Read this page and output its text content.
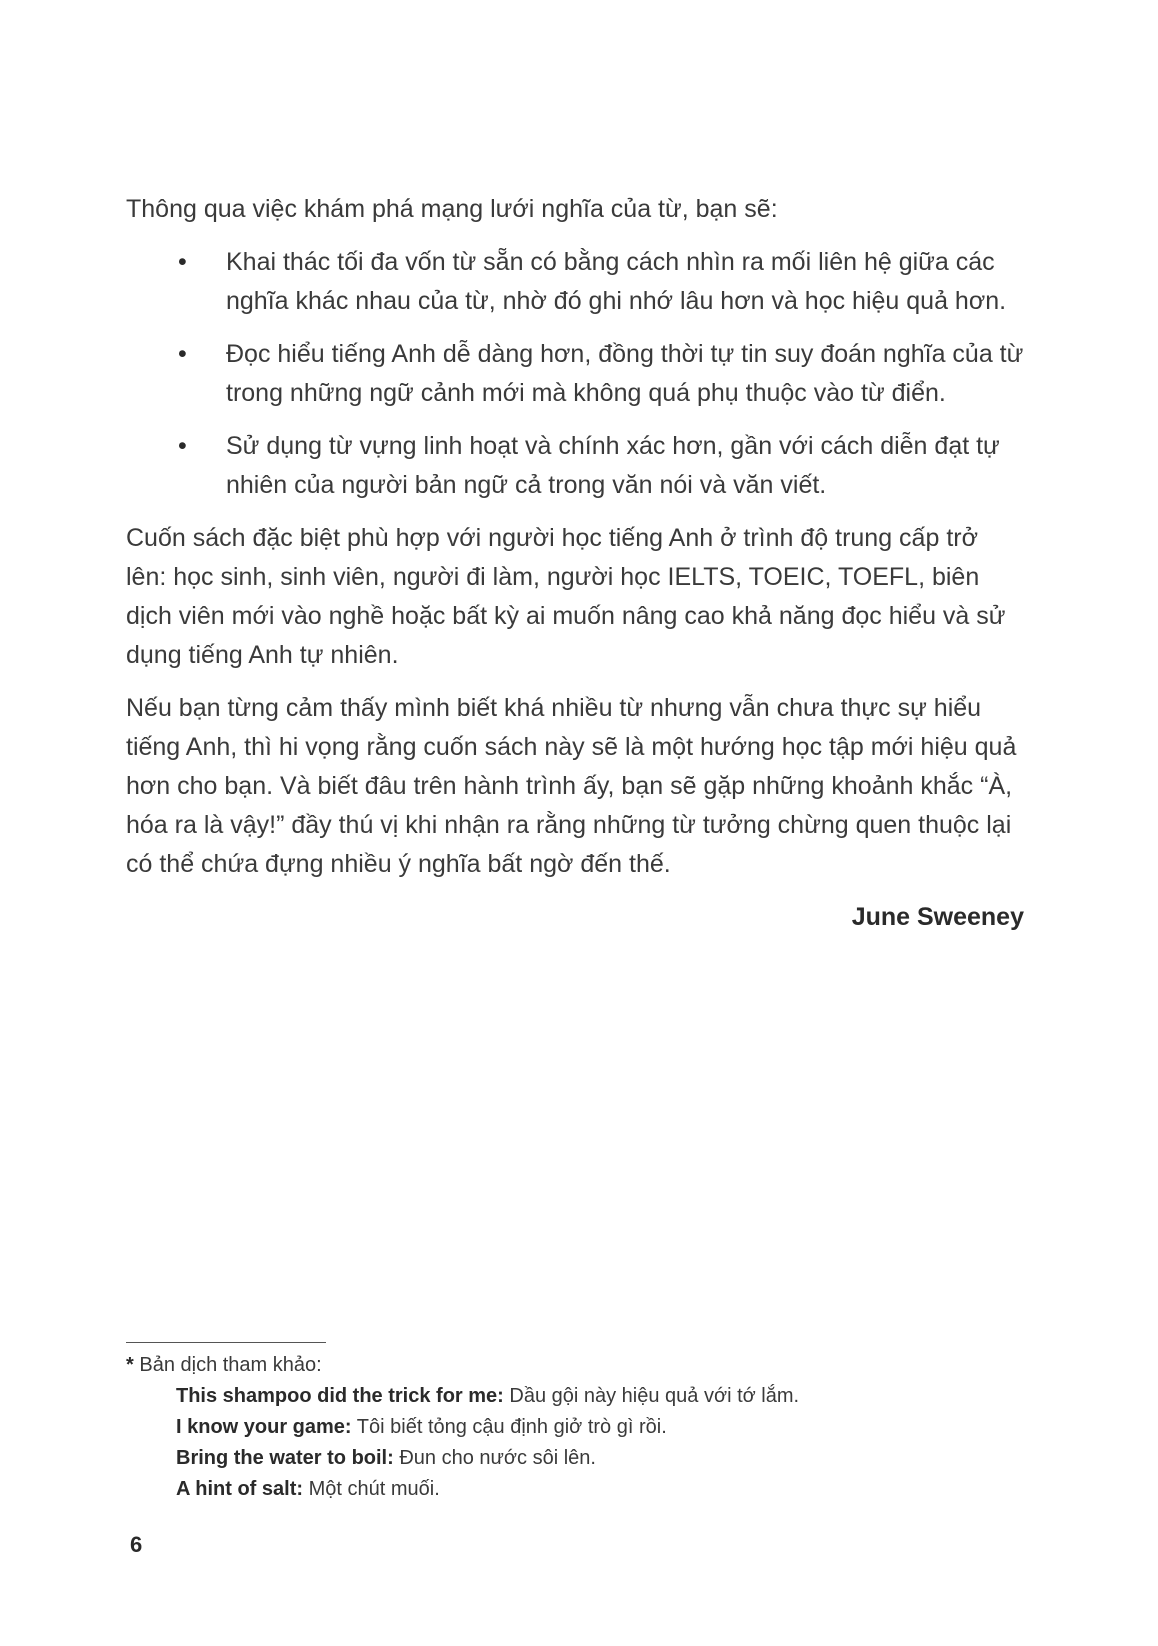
Thông qua việc khám phá mạng lưới nghĩa của từ, bạn sẽ:

• Khai thác tối đa vốn từ sẵn có bằng cách nhìn ra mối liên hệ giữa các nghĩa khác nhau của từ, nhờ đó ghi nhớ lâu hơn và học hiệu quả hơn.
• Đọc hiểu tiếng Anh dễ dàng hơn, đồng thời tự tin suy đoán nghĩa của từ trong những ngữ cảnh mới mà không quá phụ thuộc vào từ điển.
• Sử dụng từ vựng linh hoạt và chính xác hơn, gần với cách diễn đạt tự nhiên của người bản ngữ cả trong văn nói và văn viết.

Cuốn sách đặc biệt phù hợp với người học tiếng Anh ở trình độ trung cấp trở lên: học sinh, sinh viên, người đi làm, người học IELTS, TOEIC, TOEFL, biên dịch viên mới vào nghề hoặc bất kỳ ai muốn nâng cao khả năng đọc hiểu và sử dụng tiếng Anh tự nhiên.

Nếu bạn từng cảm thấy mình biết khá nhiều từ nhưng vẫn chưa thực sự hiểu tiếng Anh, thì hi vọng rằng cuốn sách này sẽ là một hướng học tập mới hiệu quả hơn cho bạn. Và biết đâu trên hành trình ấy, bạn sẽ gặp những khoảnh khắc “À, hóa ra là vậy!” đầy thú vị khi nhận ra rằng những từ tưởng chừng quen thuộc lại có thể chứa đựng nhiều ý nghĩa bất ngờ đến thế.

June Sweeney

* Bản dịch tham khảo:
This shampoo did the trick for me: Dầu gội này hiệu quả với tớ lắm.
I know your game: Tôi biết tỏng cậu định giở trò gì rồi.
Bring the water to boil: Đun cho nước sôi lên.
A hint of salt: Một chút muối.
6
